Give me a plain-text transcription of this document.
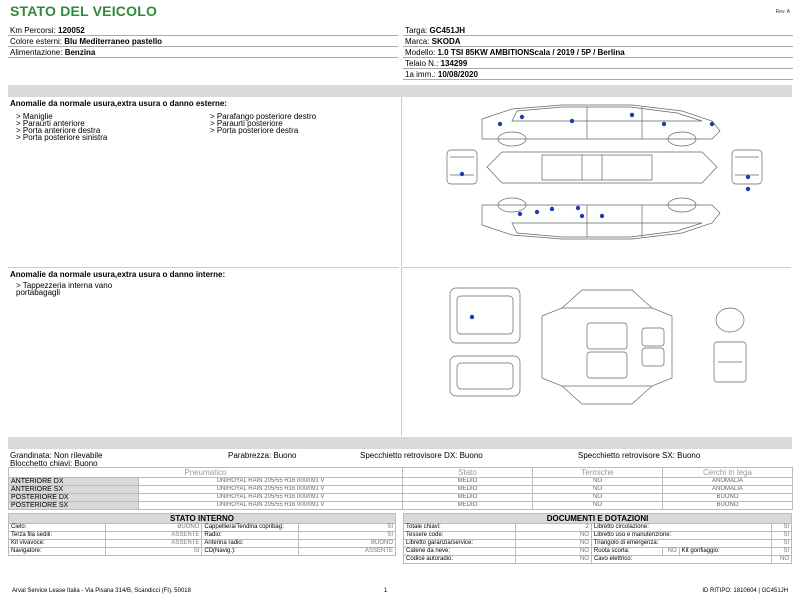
STATO DEL VEICOLO	Rev. A
Km Percorsi: 120052
Colore esterni: Blu Mediterraneo pastello
Alimentazione: Benzina
Targa: GC451JH
Marca: SKODA
Modello: 1.0 TSI 85KW AMBITIONScala / 2019 / 5P / Berlina
Telaio N.: 134299
1a imm.: 10/08/2020
Anomalie da normale usura,extra usura o danno esterne:
> Maniglie
> Paraurti anteriore
> Porta anteriore destra
> Porta posteriore sinistra
> Parafango posteriore destro
> Paraurti posteriore
> Porta posteriore destra
Anomalie da normale usura,extra usura o danno interne:
> Tappezzeria interna vano
portabagagli
Grandinata: Non rilevabile	Parabrezza: Buono	Specchietto retrovisore DX: Buono	Specchietto retrovisore SX: Buono
Blocchetto chiavi: Buono
Pneumatico		Stato	Termiche	Cerchi in lega
ANTERIORE DX	UNIROYAL RAIN 205/55 R16 000/091 V	MEDIO	NO	ANOMALIA
ANTERIORE SX	UNIROYAL RAIN 205/55 R16 000/091 V	MEDIO	NO	ANOMALIA
POSTERIORE DX	UNIROYAL RAIN 205/55 R16 000/091 V	MEDIO	NO	BUONO
POSTERIORE SX	UNIROYAL RAIN 205/55 R16 000/091 V	MEDIO	NO	BUONO
STATO INTERNO			
Cielo:	BUONO	Cappelliera/Tendina copribag:	SI
Terza fila sedili:	ASSENTE	Radio:	SI
Kit vivavoce:	ASSENTE	Antenna radio:	BUONO
Navigatore:	SI	CD(Navig.):	ASSENTE
DOCUMENTI E DOTAZIONI					
Totale chiavi:	2	Libretto circolazione:			SI
Tessere code:	NO	Libretto uso e manutenzione:			SI
Libretto garanzia/service:	NO	Triangolo di emergenza:			SI
Catene da neve:	NO	Ruota scorta:	NO	Kit gonfiaggio:	SI
Codice autoradio:	NO	Cavo elettrico:			NO
Arval Service Lease Italia - Via Pisana 314/B, Scandicci (FI), 50018	1	ID RITIPO: 1810604 | GC451JH
